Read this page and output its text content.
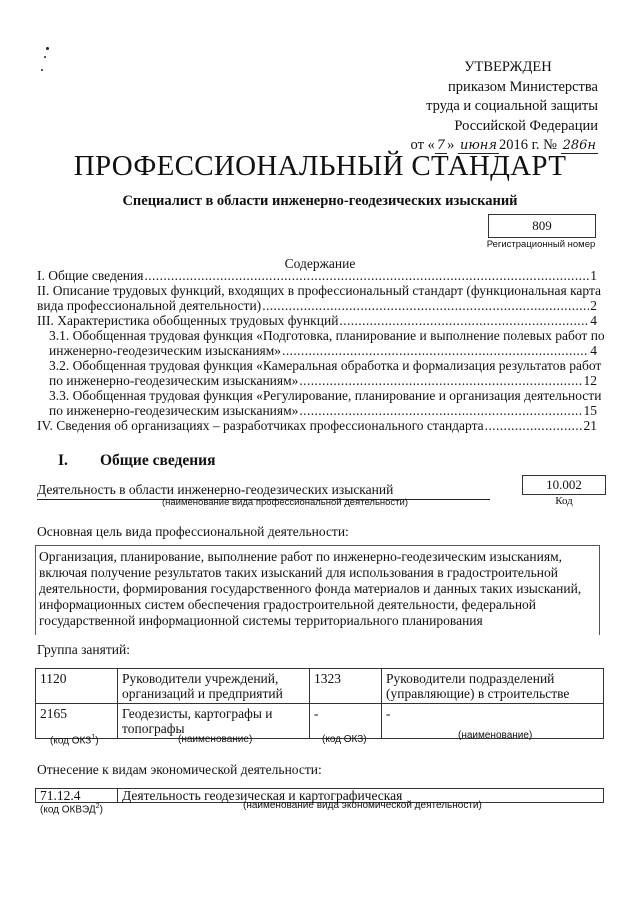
УТВЕРЖДЕН
приказом Министерства
труда и социальной защиты
Российской Федерации
от « 7 » июня 2016 г. № 286н
ПРОФЕССИОНАЛЬНЫЙ СТАНДАРТ
Специалист в области инженерно-геодезических изысканий
809
Регистрационный номер
Содержание
I. Общие сведения .....	1
II. Описание трудовых функций, входящих в профессиональный стандарт (функциональная карта
вида профессиональной деятельности) .....	2
III. Характеристика обобщенных трудовых функций .....	4
3.1. Обобщенная трудовая функция «Подготовка, планирование и выполнение полевых работ по
инженерно-геодезическим изысканиям» .....	4
3.2. Обобщенная трудовая функция «Камеральная обработка и формализация результатов работ
по инженерно-геодезическим изысканиям» .....	12
3.3. Обобщенная трудовая функция «Регулирование, планирование и организация деятельности
по инженерно-геодезическим изысканиям» .....	15
IV. Сведения об организациях – разработчиках профессионального стандарта .....	21
I. Общие сведения
Деятельность в области инженерно-геодезических изысканий
(наименование вида профессиональной деятельности)
10.002
Код
Основная цель вида профессиональной деятельности:
Организация, планирование, выполнение работ по инженерно-геодезическим изысканиям, включая получение результатов таких изысканий для использования в градостроительной деятельности, формирования государственного фонда материалов и данных таких изысканий, информационных систем обеспечения градостроительной деятельности, федеральной государственной информационной системы территориального планирования
Группа занятий:
1120	Руководители учреждений, организаций и предприятий	1323	Руководители подразделений (управляющие) в строительстве
2165	Геодезисты, картографы и топографы	-	-
(код ОКЗ$^1$)	(наименование)	(код ОКЗ)	(наименование)
Отнесение к видам экономической деятельности:
71.12.4	Деятельность геодезическая и картографическая
(код ОКВЭД$^2$)	(наименование вида экономической деятельности)
